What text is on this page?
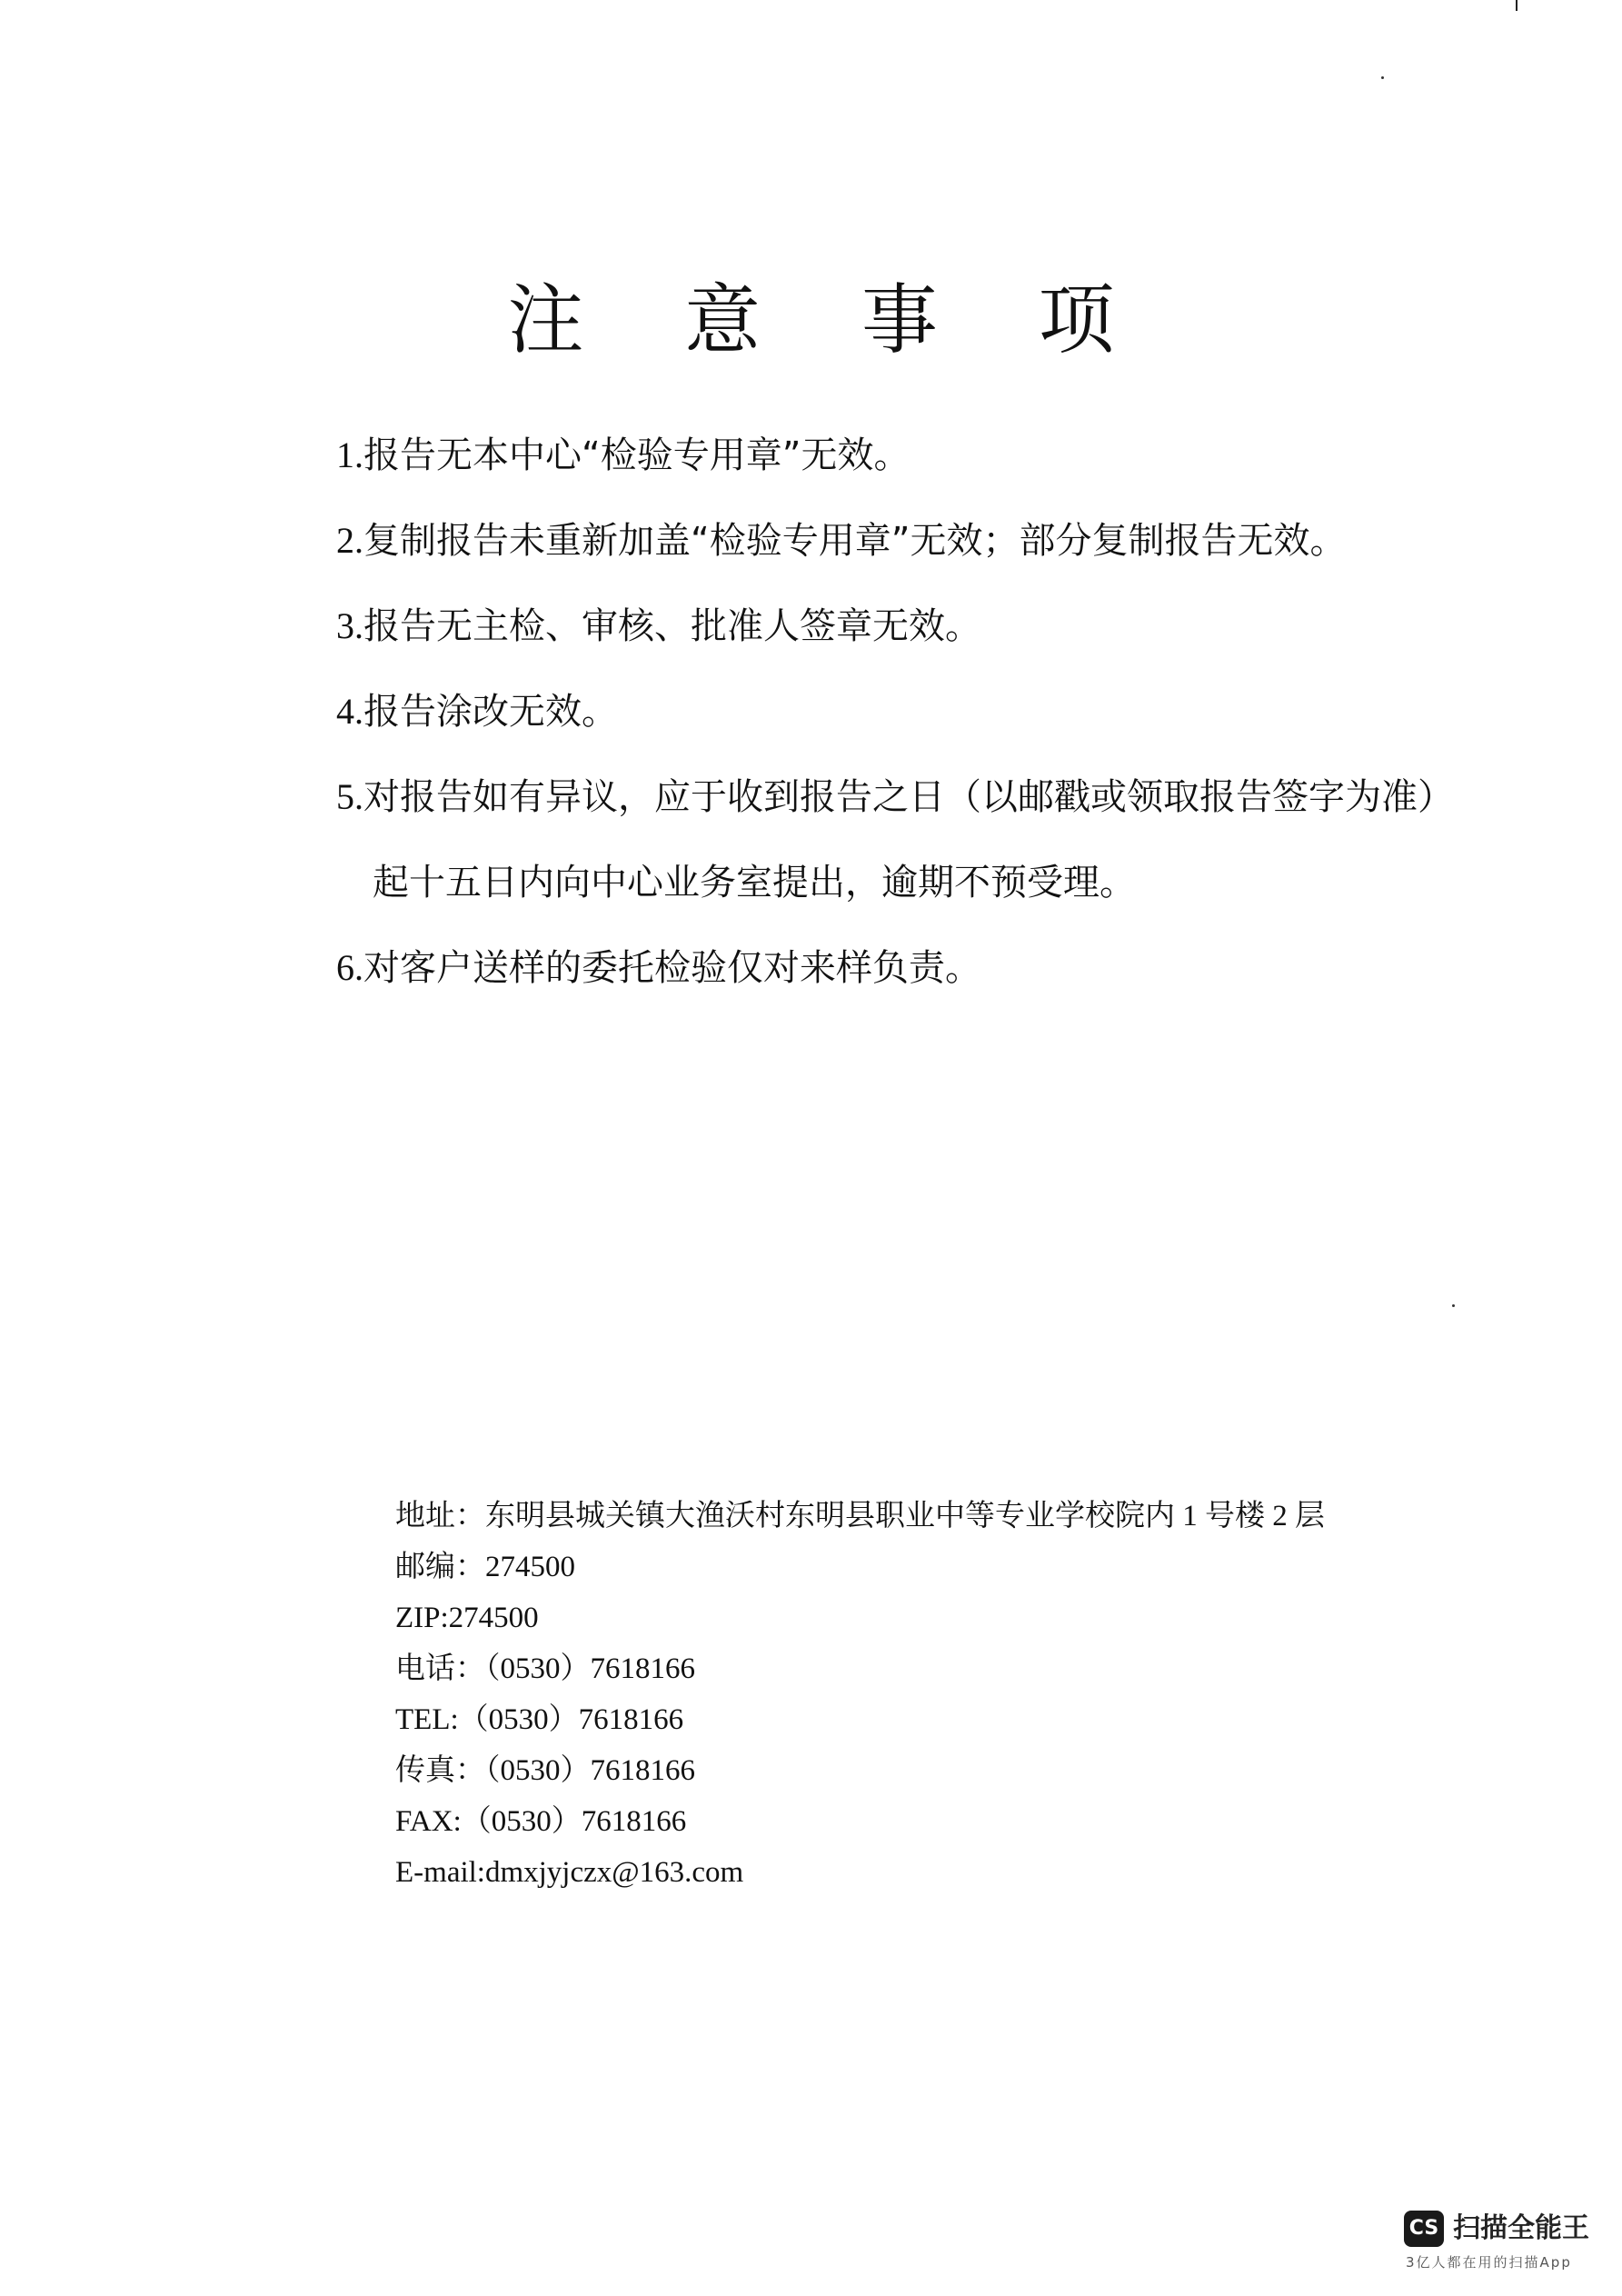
注 意 事 项
1.报告无本中心“检验专用章”无效。
2.复制报告未重新加盖“检验专用章”无效；部分复制报告无效。
3.报告无主检、审核、批准人签章无效。
4.报告涂改无效。
5.对报告如有异议，应于收到报告之日（以邮戳或领取报告签字为准）
起十五日内向中心业务室提出，逾期不预受理。
6.对客户送样的委托检验仅对来样负责。
地址：东明县城关镇大渔沃村东明县职业中等专业学校院内 1 号楼 2 层
邮编：274500
ZIP:274500
电话：（0530）7618166
TEL:（0530）7618166
传真：（0530）7618166
FAX:（0530）7618166
E-mail:dmxjyjczx@163.com
CS 扫描全能王
3亿人都在用的扫描App
